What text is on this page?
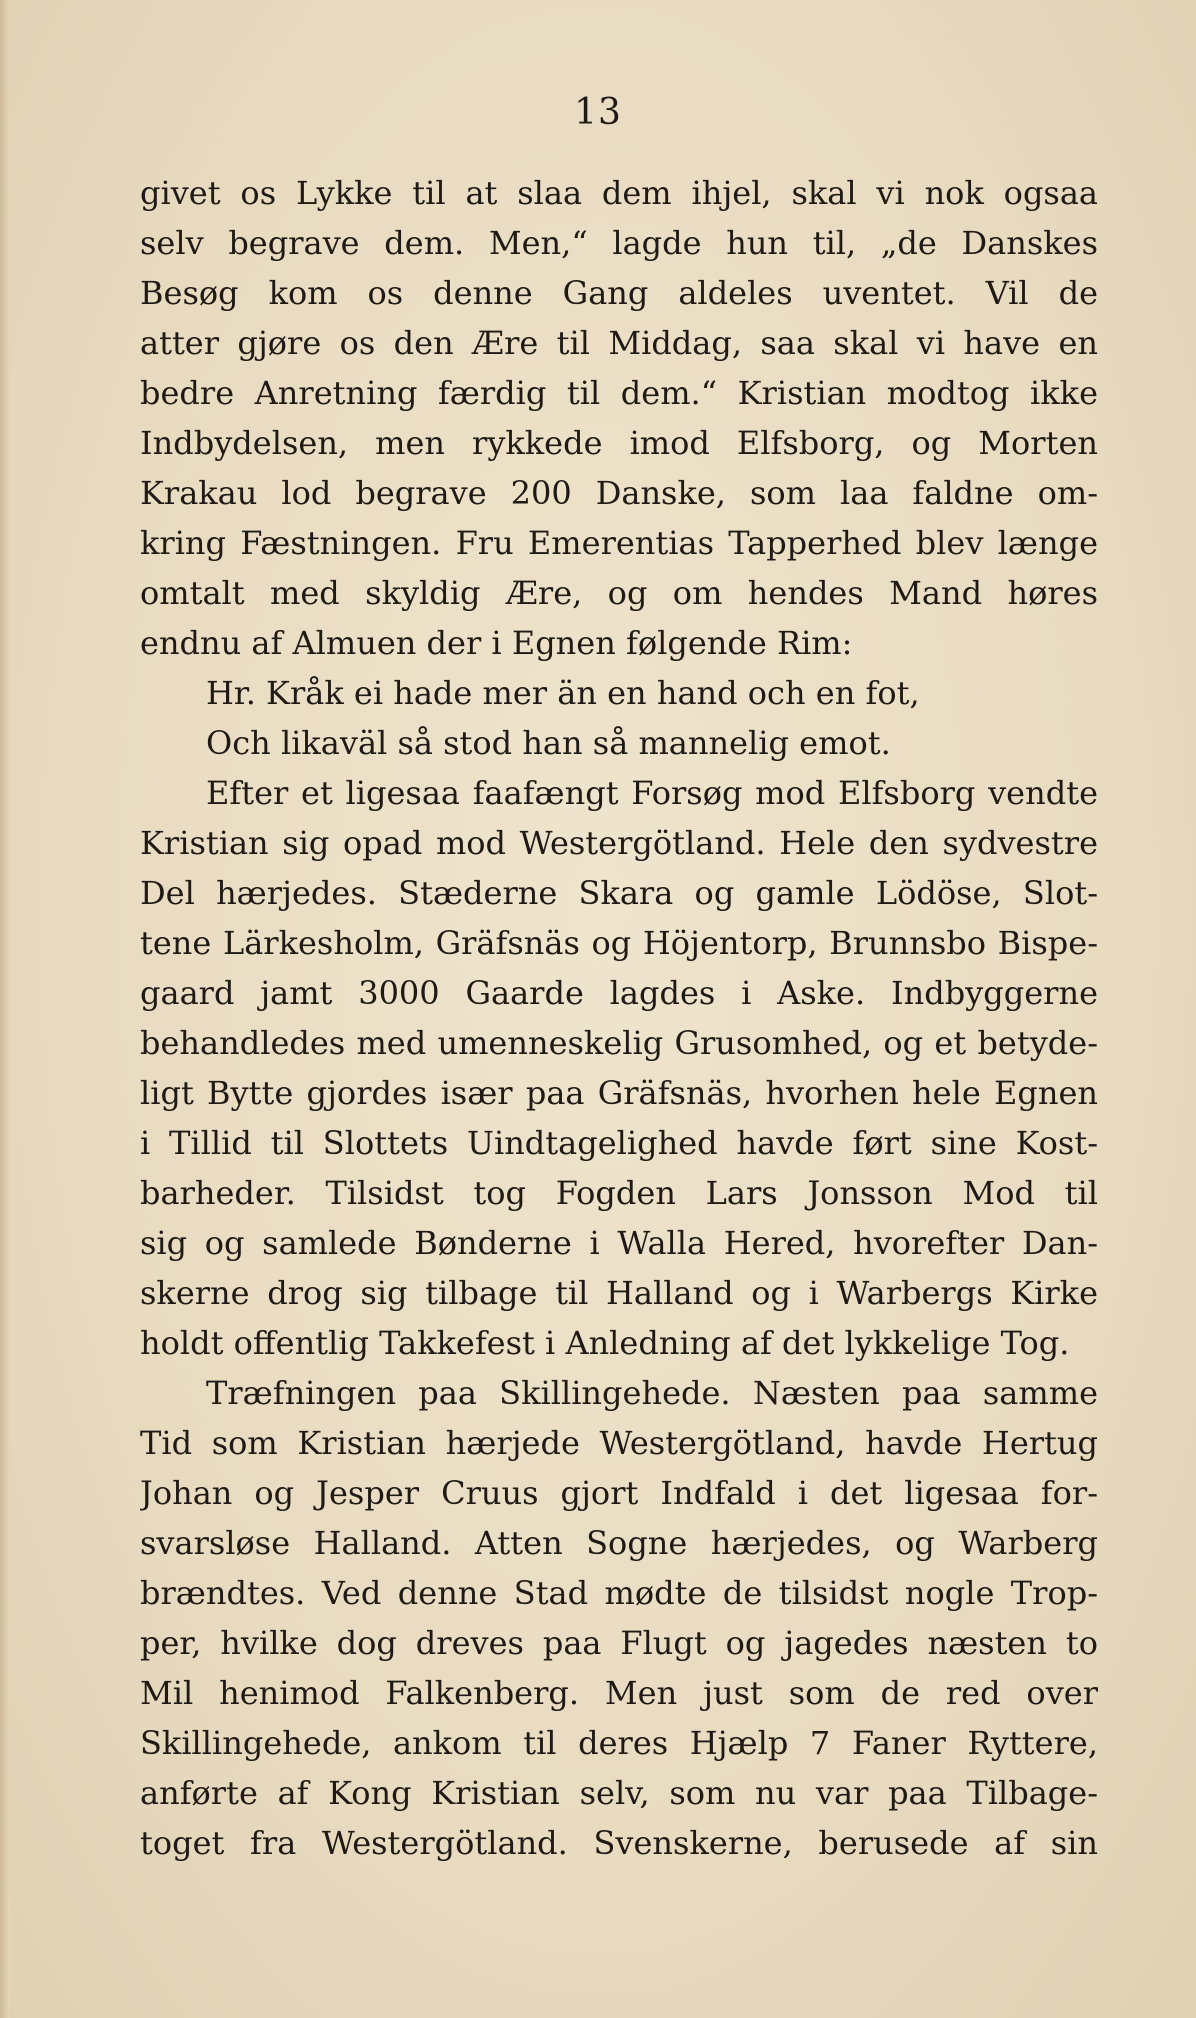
13
givet os Lykke til at slaa dem ihjel, skal vi nok ogsaa
selv begrave dem. Men,“ lagde hun til, „de Danskes
Besøg kom os denne Gang aldeles uventet. Vil de
atter gjøre os den Ære til Middag, saa skal vi have en
bedre Anretning færdig til dem.“ Kristian modtog ikke
Indbydelsen, men rykkede imod Elfsborg, og Morten
Krakau lod begrave 200 Danske, som laa faldne om-
kring Fæstningen. Fru Emerentias Tapperhed blev længe
omtalt med skyldig Ære, og om hendes Mand høres
endnu af Almuen der i Egnen følgende Rim:
Hr. Kråk ei hade mer än en hand och en fot,
Och likaväl så stod han så mannelig emot.
Efter et ligesaa faafængt Forsøg mod Elfsborg vendte
Kristian sig opad mod Westergötland. Hele den sydvestre
Del hærjedes. Stæderne Skara og gamle Lödöse, Slot-
tene Lärkesholm, Gräfsnäs og Höjentorp, Brunnsbo Bispe-
gaard jamt 3000 Gaarde lagdes i Aske. Indbyggerne
behandledes med umenneskelig Grusomhed, og et betyde-
ligt Bytte gjordes især paa Gräfsnäs, hvorhen hele Egnen
i Tillid til Slottets Uindtagelighed havde ført sine Kost-
barheder. Tilsidst tog Fogden Lars Jonsson Mod til
sig og samlede Bønderne i Walla Hered, hvorefter Dan-
skerne drog sig tilbage til Halland og i Warbergs Kirke
holdt offentlig Takkefest i Anledning af det lykkelige Tog.
Træfningen paa Skillingehede. Næsten paa samme
Tid som Kristian hærjede Westergötland, havde Hertug
Johan og Jesper Cruus gjort Indfald i det ligesaa for-
svarsløse Halland. Atten Sogne hærjedes, og Warberg
brændtes. Ved denne Stad mødte de tilsidst nogle Trop-
per, hvilke dog dreves paa Flugt og jagedes næsten to
Mil henimod Falkenberg. Men just som de red over
Skillingehede, ankom til deres Hjælp 7 Faner Ryttere,
anførte af Kong Kristian selv, som nu var paa Tilbage-
toget fra Westergötland. Svenskerne, berusede af sin
